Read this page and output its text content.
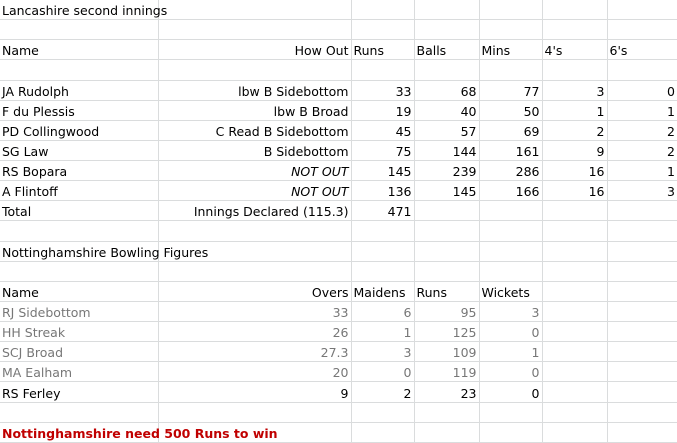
Lancashire second innings						

Name	How Out	Runs	Balls	Mins	4's	6's

JA Rudolph	lbw B Sidebottom	33	68	77	3	0
F du Plessis	lbw B Broad	19	40	50	1	1
PD Collingwood	C Read B Sidebottom	45	57	69	2	2
SG Law	B Sidebottom	75	144	161	9	2
RS Bopara	NOT OUT	145	239	286	16	1
A Flintoff	NOT OUT	136	145	166	16	3
Total	Innings Declared (115.3)	471				

Nottinghamshire Bowling Figures						

Name	Overs	Maidens	Runs	Wickets		
RJ Sidebottom	33	6	95	3		
HH Streak	26	1	125	0		
SCJ Broad	27.3	3	109	1		
MA Ealham	20	0	119	0		
RS Ferley	9	2	23	0		

Nottinghamshire need 500 Runs to win						
